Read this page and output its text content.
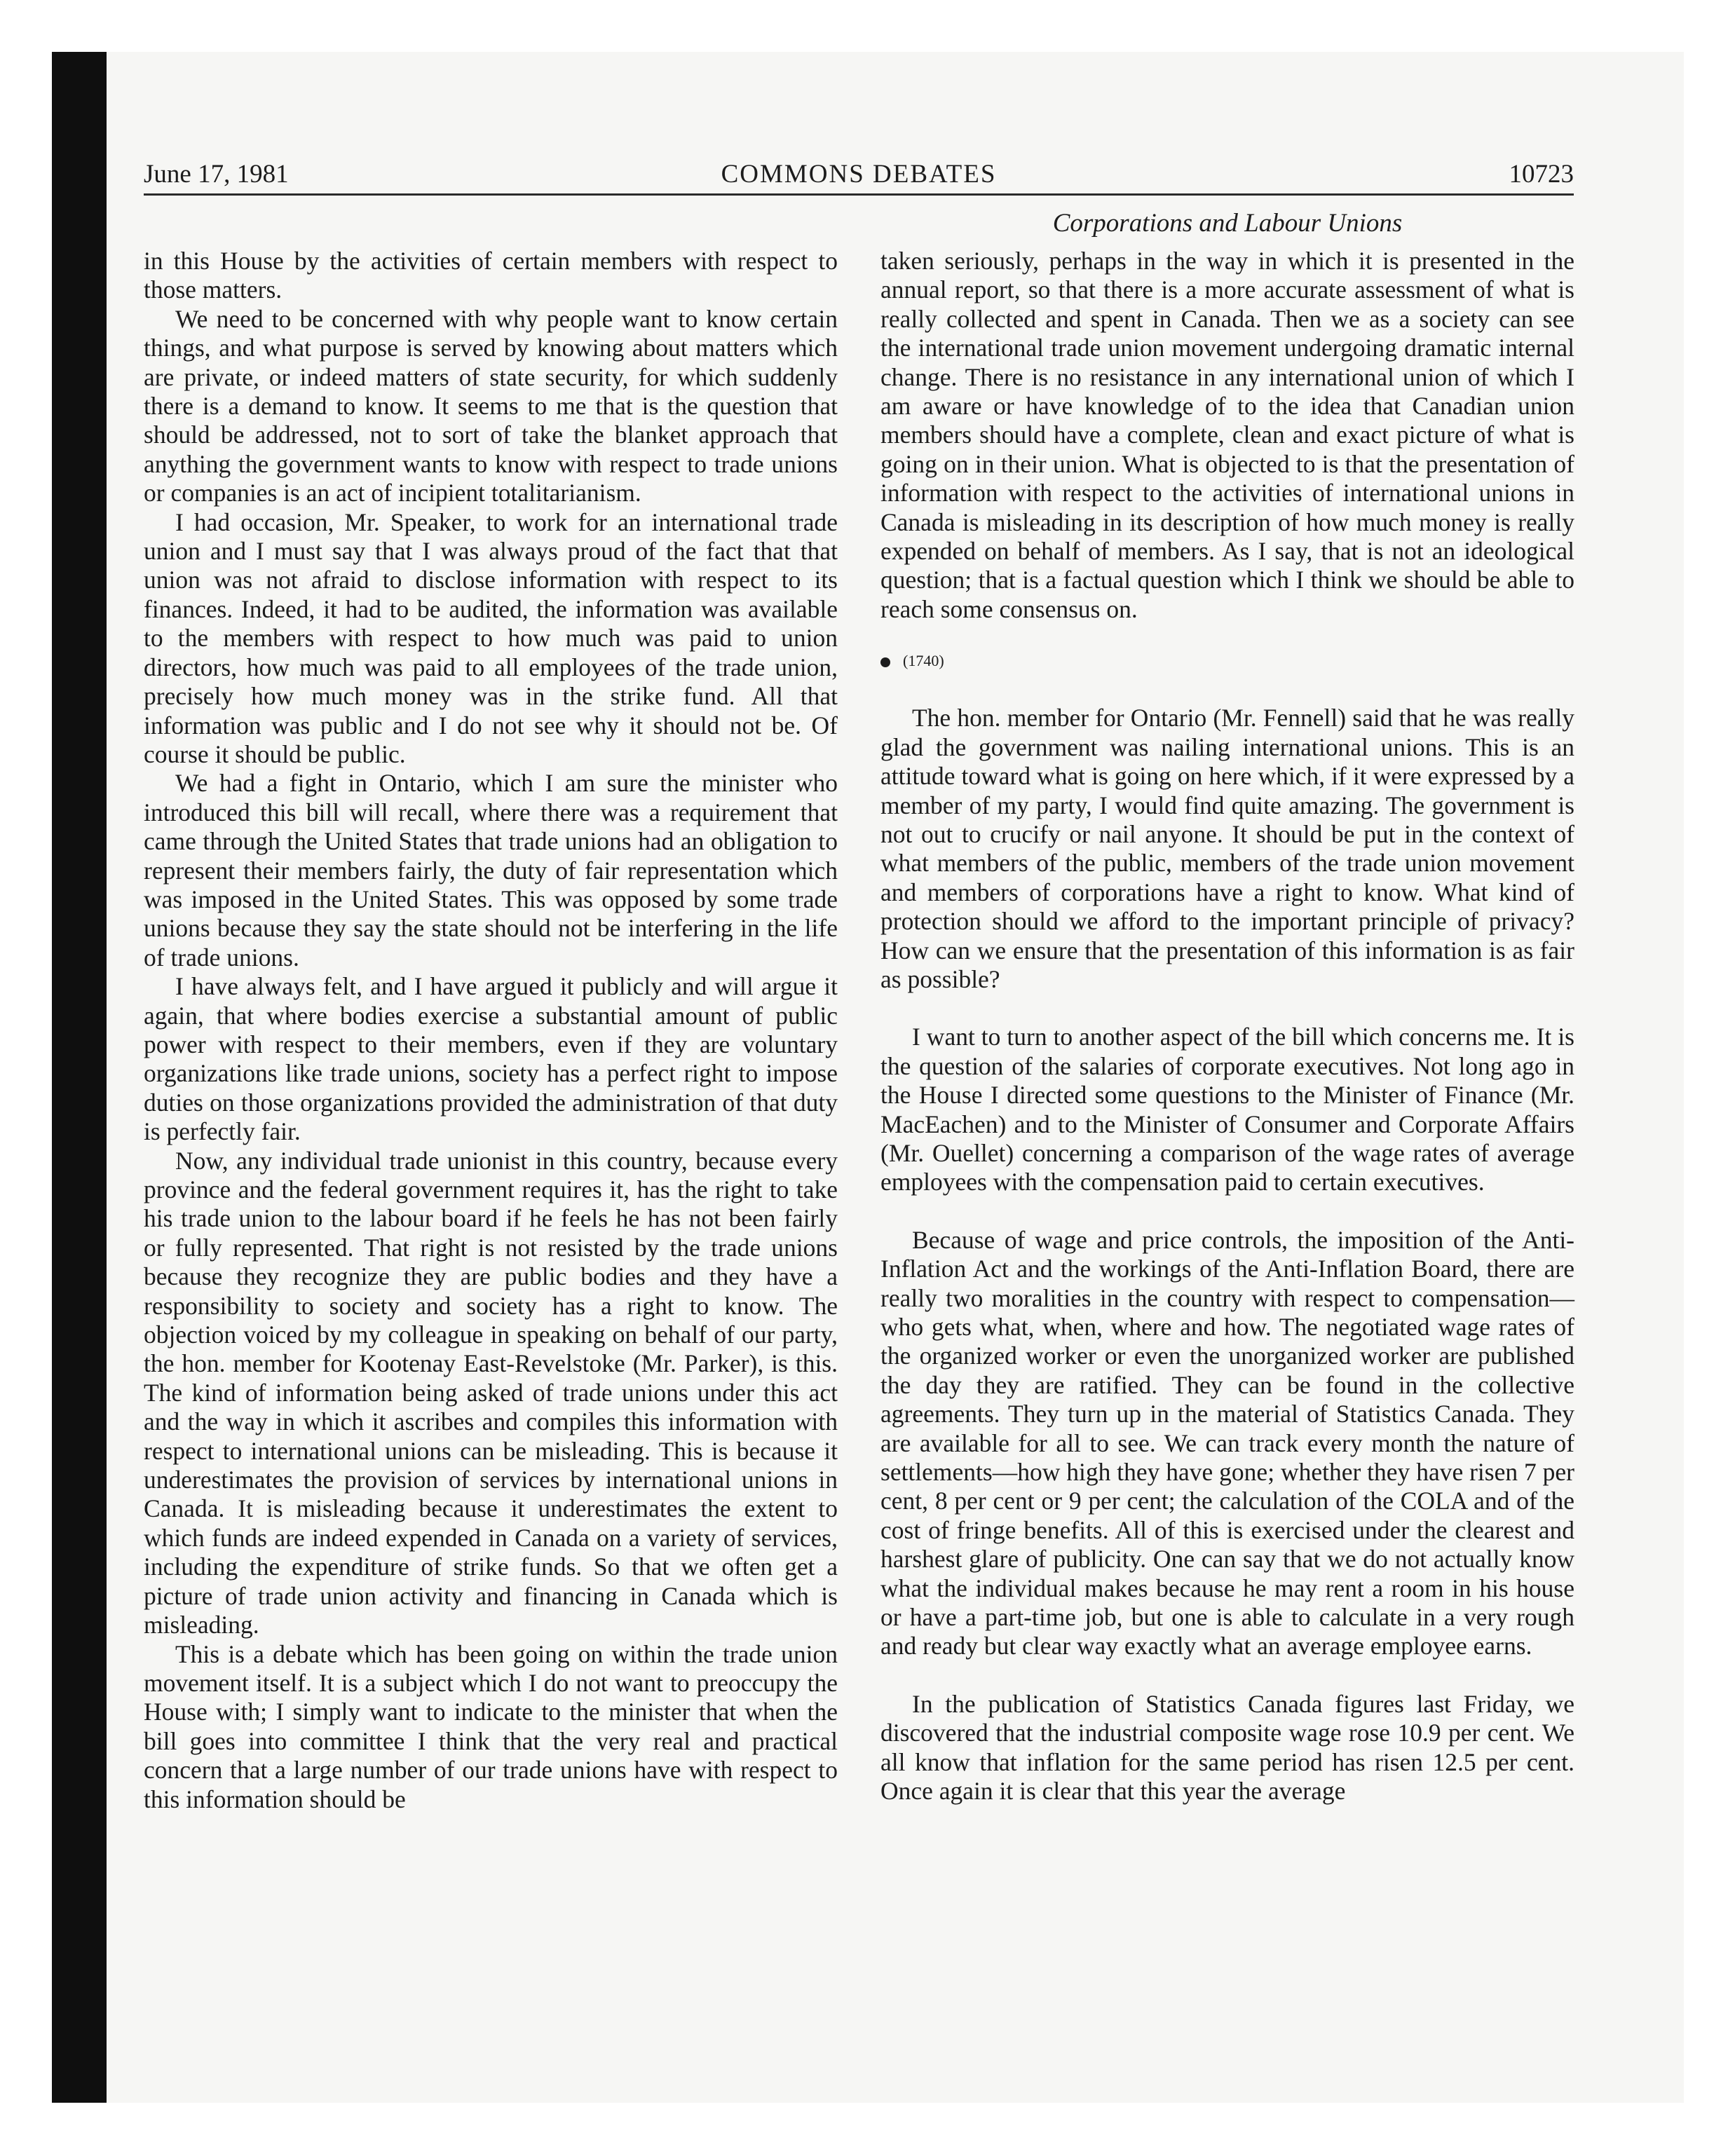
June 17, 1981	COMMONS DEBATES	10723
Corporations and Labour Unions

in this House by the activities of certain members with respect to those matters.

We need to be concerned with why people want to know certain things, and what purpose is served by knowing about matters which are private, or indeed matters of state security, for which suddenly there is a demand to know. It seems to me that is the question that should be addressed, not to sort of take the blanket approach that anything the government wants to know with respect to trade unions or companies is an act of incipient totalitarianism.

I had occasion, Mr. Speaker, to work for an international trade union and I must say that I was always proud of the fact that that union was not afraid to disclose information with respect to its finances. Indeed, it had to be audited, the information was available to the members with respect to how much was paid to union directors, how much was paid to all employees of the trade union, precisely how much money was in the strike fund. All that information was public and I do not see why it should not be. Of course it should be public.

We had a fight in Ontario, which I am sure the minister who introduced this bill will recall, where there was a requirement that came through the United States that trade unions had an obligation to represent their members fairly, the duty of fair representation which was imposed in the United States. This was opposed by some trade unions because they say the state should not be interfering in the life of trade unions.

I have always felt, and I have argued it publicly and will argue it again, that where bodies exercise a substantial amount of public power with respect to their members, even if they are voluntary organizations like trade unions, society has a perfect right to impose duties on those organizations provided the administration of that duty is perfectly fair.

Now, any individual trade unionist in this country, because every province and the federal government requires it, has the right to take his trade union to the labour board if he feels he has not been fairly or fully represented. That right is not resisted by the trade unions because they recognize they are public bodies and they have a responsibility to society and society has a right to know. The objection voiced by my colleague in speaking on behalf of our party, the hon. member for Kootenay East-Revelstoke (Mr. Parker), is this. The kind of information being asked of trade unions under this act and the way in which it ascribes and compiles this information with respect to international unions can be misleading. This is because it underestimates the provision of services by international unions in Canada. It is misleading because it underestimates the extent to which funds are indeed expended in Canada on a variety of services, including the expenditure of strike funds. So that we often get a picture of trade union activity and financing in Canada which is misleading.

This is a debate which has been going on within the trade union movement itself. It is a subject which I do not want to preoccupy the House with; I simply want to indicate to the minister that when the bill goes into committee I think that the very real and practical concern that a large number of our trade unions have with respect to this information should be

taken seriously, perhaps in the way in which it is presented in the annual report, so that there is a more accurate assessment of what is really collected and spent in Canada. Then we as a society can see the international trade union movement undergoing dramatic internal change. There is no resistance in any international union of which I am aware or have knowledge of to the idea that Canadian union members should have a complete, clean and exact picture of what is going on in their union. What is objected to is that the presentation of information with respect to the activities of international unions in Canada is misleading in its description of how much money is really expended on behalf of members. As I say, that is not an ideological question; that is a factual question which I think we should be able to reach some consensus on.

(1740)

The hon. member for Ontario (Mr. Fennell) said that he was really glad the government was nailing international unions. This is an attitude toward what is going on here which, if it were expressed by a member of my party, I would find quite amazing. The government is not out to crucify or nail anyone. It should be put in the context of what members of the public, members of the trade union movement and members of corporations have a right to know. What kind of protection should we afford to the important principle of privacy? How can we ensure that the presentation of this information is as fair as possible?

I want to turn to another aspect of the bill which concerns me. It is the question of the salaries of corporate executives. Not long ago in the House I directed some questions to the Minister of Finance (Mr. MacEachen) and to the Minister of Consumer and Corporate Affairs (Mr. Ouellet) concerning a comparison of the wage rates of average employees with the compensation paid to certain executives.

Because of wage and price controls, the imposition of the Anti-Inflation Act and the workings of the Anti-Inflation Board, there are really two moralities in the country with respect to compensation—who gets what, when, where and how. The negotiated wage rates of the organized worker or even the unorganized worker are published the day they are ratified. They can be found in the collective agreements. They turn up in the material of Statistics Canada. They are available for all to see. We can track every month the nature of settlements—how high they have gone; whether they have risen 7 per cent, 8 per cent or 9 per cent; the calculation of the COLA and of the cost of fringe benefits. All of this is exercised under the clearest and harshest glare of publicity. One can say that we do not actually know what the individual makes because he may rent a room in his house or have a part-time job, but one is able to calculate in a very rough and ready but clear way exactly what an average employee earns.

In the publication of Statistics Canada figures last Friday, we discovered that the industrial composite wage rose 10.9 per cent. We all know that inflation for the same period has risen 12.5 per cent. Once again it is clear that this year the average
